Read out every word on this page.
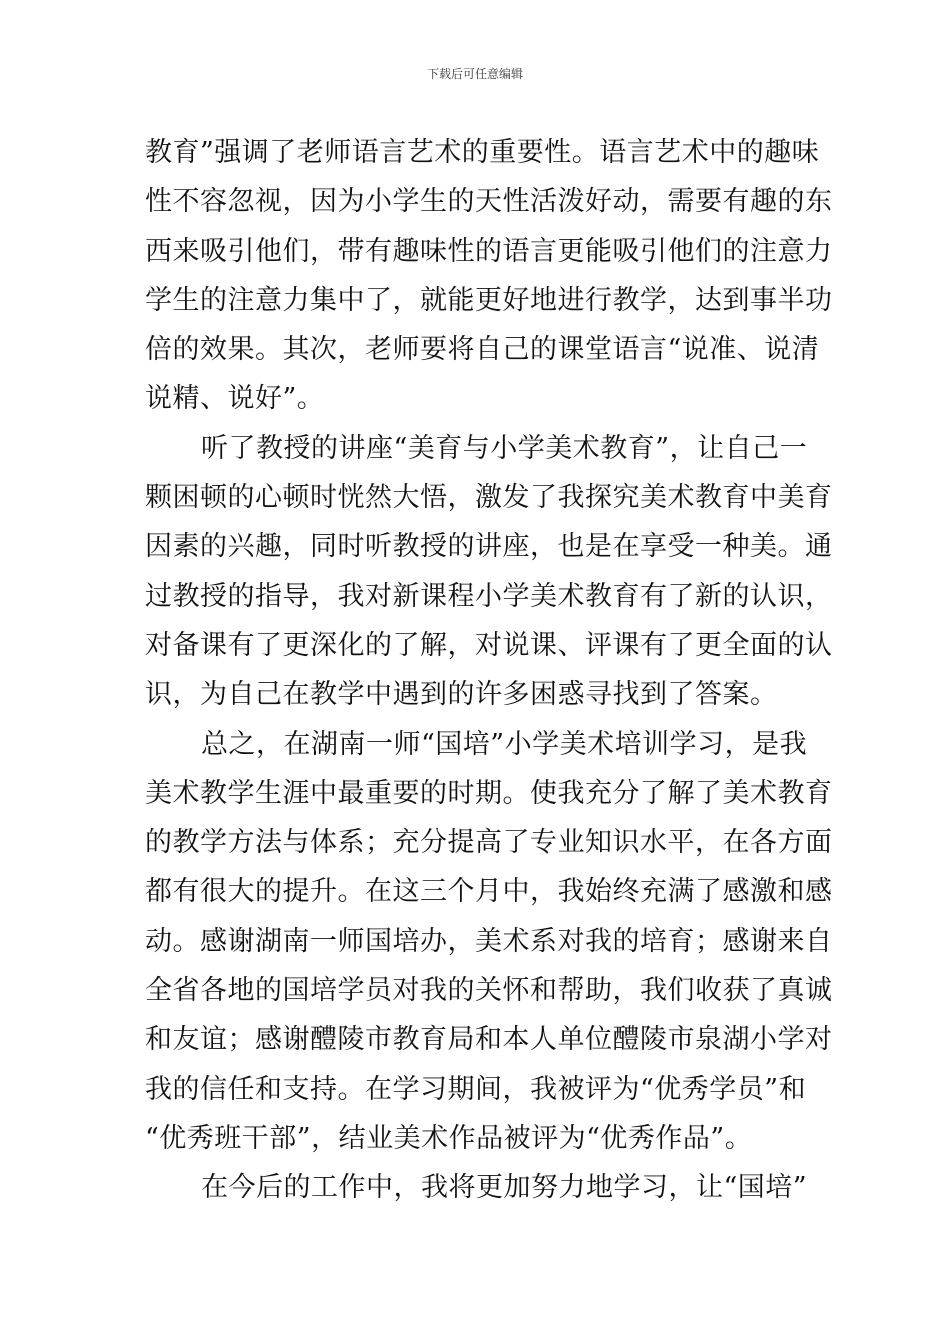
下载后可任意编辑
教育”强调了老师语言艺术的重要性。语言艺术中的趣味
性不容忽视，因为小学生的天性活泼好动，需要有趣的东
西来吸引他们，带有趣味性的语言更能吸引他们的注意力
学生的注意力集中了，就能更好地进行教学，达到事半功
倍的效果。其次，老师要将自己的课堂语言“说准、说清
说精、说好”。
听了教授的讲座“美育与小学美术教育”，让自己一
颗困顿的心顿时恍然大悟，激发了我探究美术教育中美育
因素的兴趣，同时听教授的讲座，也是在享受一种美。通
过教授的指导，我对新课程小学美术教育有了新的认识，
对备课有了更深化的了解，对说课、评课有了更全面的认
识，为自己在教学中遇到的许多困惑寻找到了答案。
总之，在湖南一师“国培”小学美术培训学习，是我
美术教学生涯中最重要的时期。使我充分了解了美术教育
的教学方法与体系；充分提高了专业知识水平，在各方面
都有很大的提升。在这三个月中，我始终充满了感激和感
动。感谢湖南一师国培办，美术系对我的培育；感谢来自
全省各地的国培学员对我的关怀和帮助，我们收获了真诚
和友谊；感谢醴陵市教育局和本人单位醴陵市泉湖小学对
我的信任和支持。在学习期间，我被评为“优秀学员”和
“优秀班干部”，结业美术作品被评为“优秀作品”。
在今后的工作中，我将更加努力地学习，让“国培”
